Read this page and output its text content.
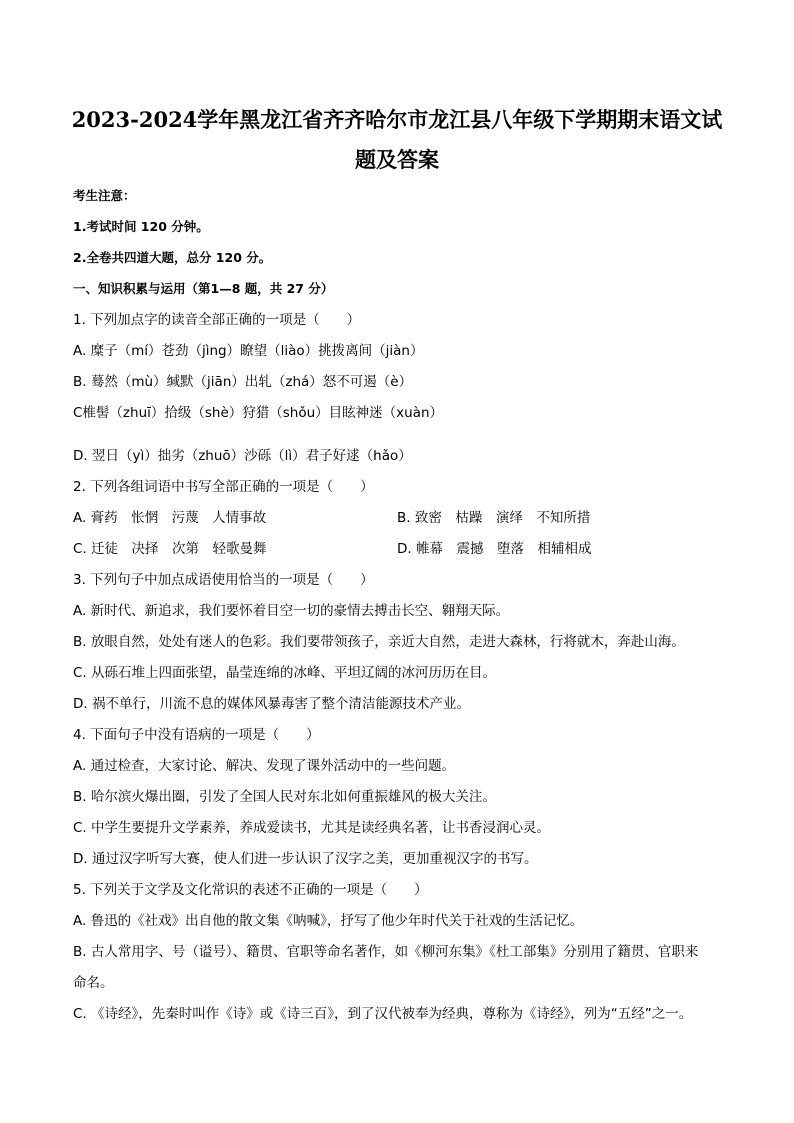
2023-2024学年黑龙江省齐齐哈尔市龙江县八年级下学期期末语文试
题及答案
考生注意：
1.考试时间 120 分钟。
2.全卷共四道大题，总分 120 分。
一、知识积累与运用（第1—8 题，共 27 分）
1. 下列加点字的读音全部正确的一项是（　　）
A. 糜子（mí）苍劲（jìng）瞭望（liào）挑拨离间（jiàn）
B. 蓦然（mù）缄默（jiān）出轧（zhá）怒不可遏（è）
C椎髻（zhuī）拾级（shè）狩猎（shǒu）目眩神迷（xuàn）
D. 翌日（yì）拙劣（zhuō）沙砾（lì）君子好逑（hǎo）
2. 下列各组词语中书写全部正确的一项是（　　）
A. 膏药　怅惘　污蔑　人情事故	B. 致密　枯躁　演绎　不知所措
C. 迁徒　决择　次第　轻歌曼舞	D. 帷幕　震撼　堕落　相辅相成
3. 下列句子中加点成语使用恰当的一项是（　　）
A. 新时代、新追求，我们要怀着目空一切的豪情去搏击长空、翱翔天际。
B. 放眼自然，处处有迷人的色彩。我们要带领孩子，亲近大自然，走进大森林，行将就木，奔赴山海。
C. 从砾石堆上四面张望，晶莹连绵的冰峰、平坦辽阔的冰河历历在目。
D. 祸不单行，川流不息的媒体风暴毒害了整个清洁能源技术产业。
4. 下面句子中没有语病的一项是（　　）
A. 通过检查，大家讨论、解决、发现了课外活动中的一些问题。
B. 哈尔滨火爆出圈，引发了全国人民对东北如何重振雄风的极大关注。
C. 中学生要提升文学素养，养成爱读书，尤其是读经典名著，让书香浸润心灵。
D. 通过汉字听写大赛，使人们进一步认识了汉字之美，更加重视汉字的书写。
5. 下列关于文学及文化常识的表述不正确的一项是（　　）
A. 鲁迅的《社戏》出自他的散文集《呐喊》，抒写了他少年时代关于社戏的生活记忆。
B. 古人常用字、号（谥号）、籍贯、官职等命名著作，如《柳河东集》《杜工部集》分别用了籍贯、官职来
命名。
C. 《诗经》，先秦时叫作《诗》或《诗三百》，到了汉代被奉为经典，尊称为《诗经》，列为“五经”之一。
